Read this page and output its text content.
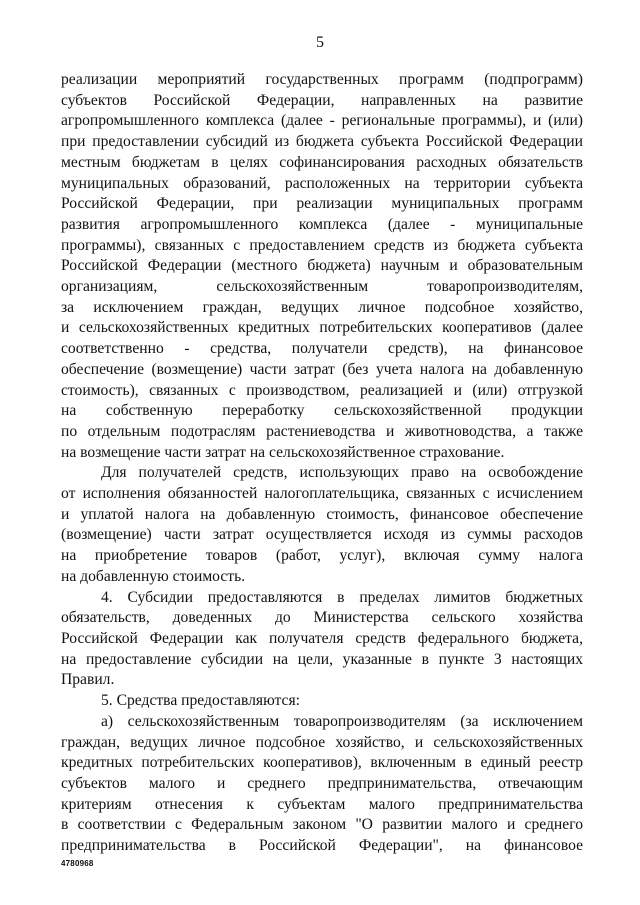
5

реализации мероприятий государственных программ (подпрограмм)
субъектов Российской Федерации, направленных на развитие
агропромышленного комплекса (далее - региональные программы), и (или)
при предоставлении субсидий из бюджета субъекта Российской Федерации
местным бюджетам в целях софинансирования расходных обязательств
муниципальных образований, расположенных на территории субъекта
Российской Федерации, при реализации муниципальных программ
развития агропромышленного комплекса (далее - муниципальные
программы), связанных с предоставлением средств из бюджета субъекта
Российской Федерации (местного бюджета) научным и образовательным
организациям, сельскохозяйственным товаропроизводителям,
за исключением граждан, ведущих личное подсобное хозяйство,
и сельскохозяйственных кредитных потребительских кооперативов (далее
соответственно - средства, получатели средств), на финансовое
обеспечение (возмещение) части затрат (без учета налога на добавленную
стоимость), связанных с производством, реализацией и (или) отгрузкой
на собственную переработку сельскохозяйственной продукции
по отдельным подотраслям растениеводства и животноводства, а также
на возмещение части затрат на сельскохозяйственное страхование.

Для получателей средств, использующих право на освобождение
от исполнения обязанностей налогоплательщика, связанных с исчислением
и уплатой налога на добавленную стоимость, финансовое обеспечение
(возмещение) части затрат осуществляется исходя из суммы расходов
на приобретение товаров (работ, услуг), включая сумму налога
на добавленную стоимость.

4. Субсидии предоставляются в пределах лимитов бюджетных
обязательств, доведенных до Министерства сельского хозяйства
Российской Федерации как получателя средств федерального бюджета,
на предоставление субсидии на цели, указанные в пункте 3 настоящих
Правил.

5. Средства предоставляются:

а) сельскохозяйственным товаропроизводителям (за исключением
граждан, ведущих личное подсобное хозяйство, и сельскохозяйственных
кредитных потребительских кооперативов), включенным в единый реестр
субъектов малого и среднего предпринимательства, отвечающим
критериям отнесения к субъектам малого предпринимательства
в соответствии с Федеральным законом "О развитии малого и среднего
предпринимательства в Российской Федерации", на финансовое

4780968
